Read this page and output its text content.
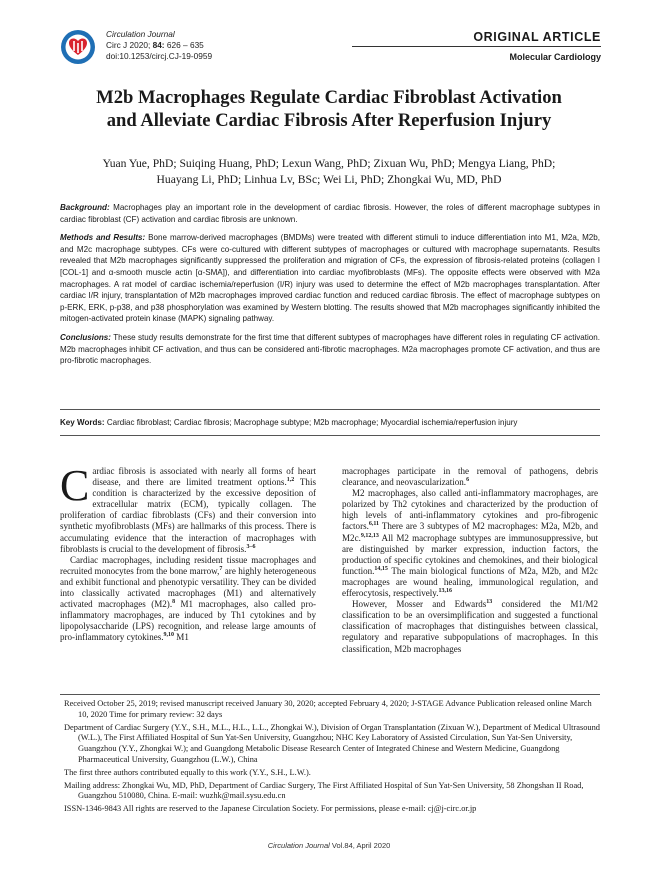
Circulation Journal
Circ J 2020; 84: 626 – 635
doi:10.1253/circj.CJ-19-0959
ORIGINAL ARTICLE
Molecular Cardiology
M2b Macrophages Regulate Cardiac Fibroblast Activation
and Alleviate Cardiac Fibrosis After Reperfusion Injury
Yuan Yue, PhD; Suiqing Huang, PhD; Lexun Wang, PhD; Zixuan Wu, PhD; Mengya Liang, PhD;
Huayang Li, PhD; Linhua Lv, BSc; Wei Li, PhD; Zhongkai Wu, MD, PhD

Background: Macrophages play an important role in the development of cardiac fibrosis. However, the roles of different macrophage subtypes in cardiac fibroblast (CF) activation and cardiac fibrosis are unknown.

Methods and Results: Bone marrow-derived macrophages (BMDMs) were treated with different stimuli to induce differentiation into M1, M2a, M2b, and M2c macrophage subtypes. CFs were co-cultured with different subtypes of macrophages or cultured with macrophage supernatants. Results revealed that M2b macrophages significantly suppressed the proliferation and migration of CFs, the expression of fibrosis-related proteins (collagen I [COL-1] and α-smooth muscle actin [α-SMA]), and differentiation into cardiac myofibroblasts (MFs). The opposite effects were observed with M2a macrophages. A rat model of cardiac ischemia/reperfusion (I/R) injury was used to determine the effect of M2b macrophages transplantation. After cardiac I/R injury, transplantation of M2b macrophages improved cardiac function and reduced cardiac fibrosis. The effect of macrophage subtypes on p-ERK, ERK, p-p38, and p38 phosphorylation was examined by Western blotting. The results showed that M2b macrophages significantly inhibited the mitogen-activated protein kinase (MAPK) signaling pathway.

Conclusions: These study results demonstrate for the first time that different subtypes of macrophages have different roles in regulating CF activation. M2b macrophages inhibit CF activation, and thus can be considered anti-fibrotic macrophages. M2a macrophages promote CF activation, and thus are pro-fibrotic macrophages.

Key Words: Cardiac fibroblast; Cardiac fibrosis; Macrophage subtype; M2b macrophage; Myocardial ischemia/reperfusion injury

Cardiac fibrosis is associated with nearly all forms of heart disease, and there are limited treatment options.$^{1,2}$ This condition is characterized by the excessive deposition of extracellular matrix (ECM), typically collagen. The proliferation of cardiac fibroblasts (CFs) and their conversion into synthetic myofibroblasts (MFs) are hallmarks of this process. There is accumulating evidence that the interaction of macrophages with fibroblasts is crucial to the development of fibrosis.$^{3-6}$

Cardiac macrophages, including resident tissue macrophages and recruited monocytes from the bone marrow,$^7$ are highly heterogeneous and exhibit functional and phenotypic versatility. They can be divided into classically activated macrophages (M1) and alternatively activated macrophages (M2).$^8$ M1 macrophages, also called pro-inflammatory macrophages, are induced by Th1 cytokines and by lipopolysaccharide (LPS) recognition, and release large amounts of pro-inflammatory cytokines.$^{9,10}$ M1

macrophages participate in the removal of pathogens, debris clearance, and neovascularization.$^6$

M2 macrophages, also called anti-inflammatory macrophages, are polarized by Th2 cytokines and characterized by the production of high levels of anti-inflammatory cytokines and pro-fibrogenic factors.$^{6,11}$ There are 3 subtypes of M2 macrophages: M2a, M2b, and M2c.$^{9,12,13}$ All M2 macrophage subtypes are immunosuppressive, but are distinguished by marker expression, induction factors, the production of specific cytokines and chemokines, and their biological function.$^{14,15}$ The main biological functions of M2a, M2b, and M2c macrophages are wound healing, immunological regulation, and efferocytosis, respectively.$^{13,16}$

However, Mosser and Edwards$^{13}$ considered the M1/M2 classification to be an oversimplification and suggested a functional classification of macrophages that distinguishes between classical, regulatory and reparative subpopulations of macrophages. In this classification, M2b macrophages

Received October 25, 2019; revised manuscript received January 30, 2020; accepted February 4, 2020; J-STAGE Advance Publication released online March 10, 2020 Time for primary review: 32 days

Department of Cardiac Surgery (Y.Y., S.H., M.L., H.L., L.L., Zhongkai W.), Division of Organ Transplantation (Zixuan W.), Department of Medical Ultrasound (W.L.), The First Affiliated Hospital of Sun Yat-Sen University, Guangzhou; NHC Key Laboratory of Assisted Circulation, Sun Yat-Sen University, Guangzhou (Y.Y., Zhongkai W.); and Guangdong Metabolic Disease Research Center of Integrated Chinese and Western Medicine, Guangdong Pharmaceutical University, Guangzhou (L.W.), China

The first three authors contributed equally to this work (Y.Y., S.H., L.W.).

Mailing address: Zhongkai Wu, MD, PhD, Department of Cardiac Surgery, The First Affiliated Hospital of Sun Yat-Sen University, 58 Zhongshan II Road, Guangzhou 510080, China. E-mail: wuzhk@mail.sysu.edu.cn

ISSN-1346-9843 All rights are reserved to the Japanese Circulation Society. For permissions, please e-mail: cj@j-circ.or.jp

Circulation Journal Vol.84, April 2020
